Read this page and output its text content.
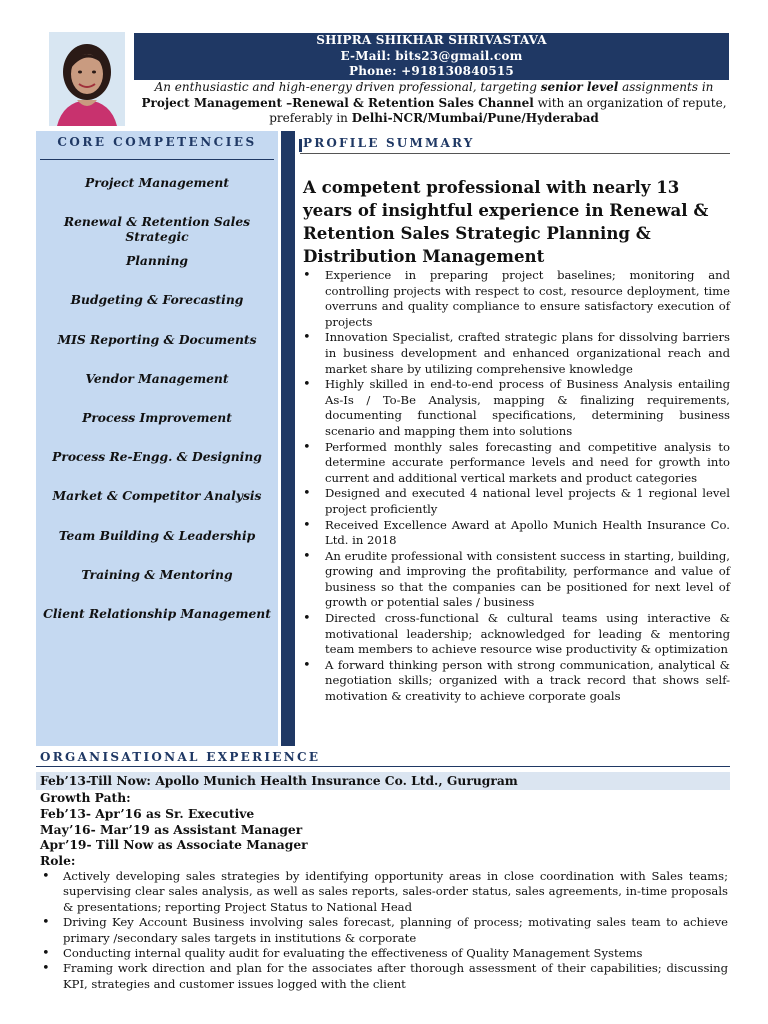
SHIPRA SHIKHAR SHRIVASTAVA
E-Mail: bits23@gmail.com
Phone: +918130840515
An enthusiastic and high-energy driven professional, targeting senior level assignments in Project Management –Renewal & Retention Sales Channel with an organization of repute, preferably in Delhi-NCR/Mumbai/Pune/Hyderabad
CORE COMPETENCIES
Project Management
Renewal & Retention Sales Strategic
Planning
Budgeting & Forecasting
MIS Reporting & Documents
Vendor Management
Process Improvement
Process Re-Engg. & Designing
Market & Competitor Analysis
Team Building & Leadership
Training & Mentoring
Client Relationship Management
PROFILE SUMMARY
A competent professional with nearly 13 years of insightful experience in Renewal & Retention Sales Strategic Planning & Distribution Management
• Experience in preparing project baselines; monitoring and controlling projects with respect to cost, resource deployment, time overruns and quality compliance to ensure satisfactory execution of projects
• Innovation Specialist, crafted strategic plans for dissolving barriers in business development and enhanced organizational reach and market share by utilizing comprehensive knowledge
• Highly skilled in end-to-end process of Business Analysis entailing As-Is / To-Be Analysis, mapping & finalizing requirements, documenting functional specifications, determining business scenario and mapping them into solutions
• Performed monthly sales forecasting and competitive analysis to determine accurate performance levels and need for growth into current and additional vertical markets and product categories
• Designed and executed 4 national level projects & 1 regional level project proficiently
• Received Excellence Award at Apollo Munich Health Insurance Co. Ltd. in 2018
• An erudite professional with consistent success in starting, building, growing and improving the profitability, performance and value of business so that the companies can be positioned for next level of growth or potential sales / business
• Directed cross-functional & cultural teams using interactive & motivational leadership; acknowledged for leading & mentoring team members to achieve resource wise productivity & optimization
• A forward thinking person with strong communication, analytical & negotiation skills; organized with a track record that shows self-motivation & creativity to achieve corporate goals
ORGANISATIONAL EXPERIENCE
Feb’13-Till Now: Apollo Munich Health Insurance Co. Ltd., Gurugram
Growth Path:
Feb’13- Apr’16 as Sr. Executive
May’16- Mar’19 as Assistant Manager
Apr’19- Till Now as Associate Manager
Role:
• Actively developing sales strategies by identifying opportunity areas in close coordination with Sales teams; supervising clear sales analysis, as well as sales reports, sales-order status, sales agreements, in-time proposals & presentations; reporting Project Status to National Head
• Driving Key Account Business involving sales forecast, planning of process; motivating sales team to achieve primary /secondary sales targets in institutions & corporate
• Conducting internal quality audit for evaluating the effectiveness of Quality Management Systems
• Framing work direction and plan for the associates after thorough assessment of their capabilities; discussing KPI, strategies and customer issues logged with the client
